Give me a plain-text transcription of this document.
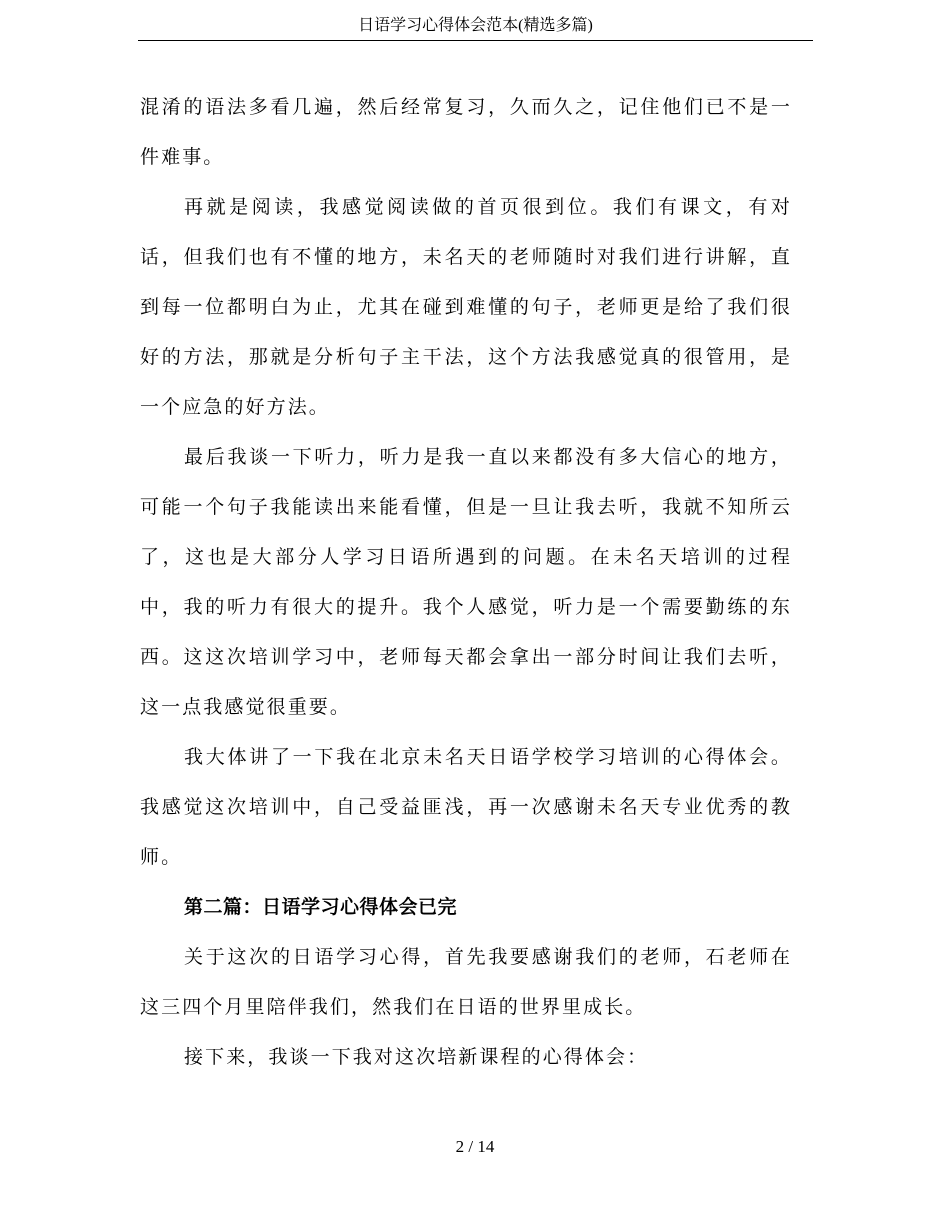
日语学习心得体会范本(精选多篇)

混淆的语法多看几遍，然后经常复习，久而久之，记住他们已不是一件难事。

再就是阅读，我感觉阅读做的首页很到位。我们有课文，有对话，但我们也有不懂的地方，未名天的老师随时对我们进行讲解，直到每一位都明白为止，尤其在碰到难懂的句子，老师更是给了我们很好的方法，那就是分析句子主干法，这个方法我感觉真的很管用，是一个应急的好方法。

最后我谈一下听力，听力是我一直以来都没有多大信心的地方，可能一个句子我能读出来能看懂，但是一旦让我去听，我就不知所云了，这也是大部分人学习日语所遇到的问题。在未名天培训的过程中，我的听力有很大的提升。我个人感觉，听力是一个需要勤练的东西。这这次培训学习中，老师每天都会拿出一部分时间让我们去听，这一点我感觉很重要。

我大体讲了一下我在北京未名天日语学校学习培训的心得体会。我感觉这次培训中，自己受益匪浅，再一次感谢未名天专业优秀的教师。

第二篇：日语学习心得体会已完

关于这次的日语学习心得，首先我要感谢我们的老师，石老师在这三四个月里陪伴我们，然我们在日语的世界里成长。

接下来，我谈一下我对这次培新课程的心得体会：

2 / 14
